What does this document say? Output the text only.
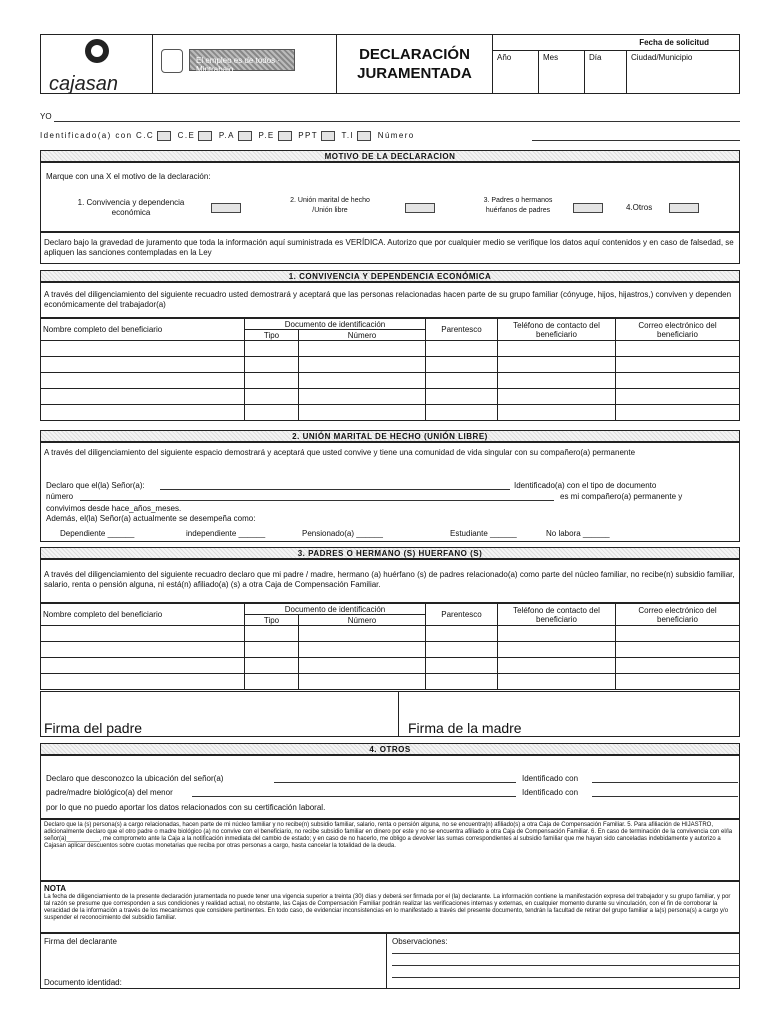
cajasan
El empleo es de todos · Mintrabajo
DECLARACIÓN
JURAMENTADA
Fecha de solicitud
Año	Mes	Día	Ciudad/Municipio
YO
Identificado(a) con C.C	C.E	P.A	P.E	PPT	T.I	Número
MOTIVO DE LA DECLARACION
Marque con una X el motivo de la declaración:
1. Convivencia y dependencia económica
2. Unión marital de hecho /Unión libre
3. Padres o hermanos huérfanos de padres	4.Otros
Declaro bajo la gravedad de juramento que toda la información aquí suministrada es VERÍDICA. Autorizo que por cualquier medio se verifique los datos aquí contenidos y en caso de falsedad, se apliquen las sanciones contempladas en la Ley
1. CONVIVENCIA Y DEPENDENCIA ECONÓMICA
A través del diligenciamiento del siguiente recuadro usted demostrará y aceptará que las personas relacionadas hacen parte de su grupo familiar (cónyuge, hijos, hijastros,) conviven y dependen económicamente del trabajador(a)
Nombre completo del beneficiario	Documento de identificación		Parentesco	Teléfono de contacto del beneficiario	Correo electrónico del beneficiario
	Tipo	Número			

2. UNIÓN MARITAL DE HECHO (UNIÓN LIBRE)
A través del diligenciamiento del siguiente espacio demostrará y aceptará que usted convive y tiene una comunidad de vida singular con su compañero(a) permanente
Declaro que el(la) Señor(a):	Identificado(a) con el tipo de documento
número	es mi compañero(a) permanente y
convivimos desde hace_años_meses.
Además, el(la) Señor(a) actualmente se desempeña como:
Dependiente ______	independiente ______	Pensionado(a) ______	Estudiante ______	No labora ______
3. PADRES O HERMANO (S) HUERFANO (S)
A través del diligenciamiento del siguiente recuadro declaro que mi padre / madre, hermano (a) huérfano (s) de padres relacionado(a) como parte del núcleo familiar, no recibe(n) subsidio familiar, salario, renta o pensión alguna, ni está(n) afiliado(a) (s) a otra Caja de Compensación Familiar.
Nombre completo del beneficiario	Documento de identificación		Parentesco	Teléfono de contacto del beneficiario	Correo electrónico del beneficiario
	Tipo	Número			

Firma del padre	Firma de la madre
4. OTROS
Declaro que desconozco la ubicación del señor(a)	Identificado con
padre/madre biológico(a) del menor	Identificado con
por lo que no puedo aportar los datos relacionados con su certificación laboral.
Declaro que la (s) persona(s) a cargo relacionadas, hacen parte de mi núcleo familiar y no recibe(n) subsidio familiar, salario, renta o pensión alguna, no se encuentra(n) afiliado(s) a otra Caja de Compensación Familiar. 5. Para afiliación de HIJASTRO, adicionalmente declaro que el otro padre o madre biológico (a) no convive con el beneficiario, no recibe subsidio familiar en dinero por este y no se encuentra afiliado a otra Caja de Compensación Familiar. 6. En caso de terminación de la convivencia con el/la señor(a)__________, me comprometo ante la Caja a la notificación inmediata del cambio de estado; y en caso de no hacerlo, me obligo a devolver las sumas correspondientes al subsidio familiar que me hayan sido canceladas indebidamente y autorizo a Cajasan aplicar descuentos sobre cuotas monetarias que reciba por otras personas a cargo, hasta cancelar la totalidad de la deuda.
NOTA
La fecha de diligenciamiento de la presente declaración juramentada no puede tener una vigencia superior a treinta (30) días y deberá ser firmada por el (la) declarante. La información contiene la manifestación expresa del trabajador y su grupo familiar, y por tal razón se presume que corresponden a sus condiciones y realidad actual, no obstante, las Cajas de Compensación Familiar podrán realizar las verificaciones internas y externas, en cualquier momento durante su vinculación, con el fin de corroborar la veracidad de la información a través de los mecanismos que considere pertinentes. En todo caso, de evidenciar inconsistencias en lo manifestado a través del presente documento, tendrán la facultad de retirar del grupo familiar a la(s) persona(s) a cargo y/o suspender el reconocimiento del subsidio familiar.
Firma del declarante	Observaciones:
Documento identidad:
